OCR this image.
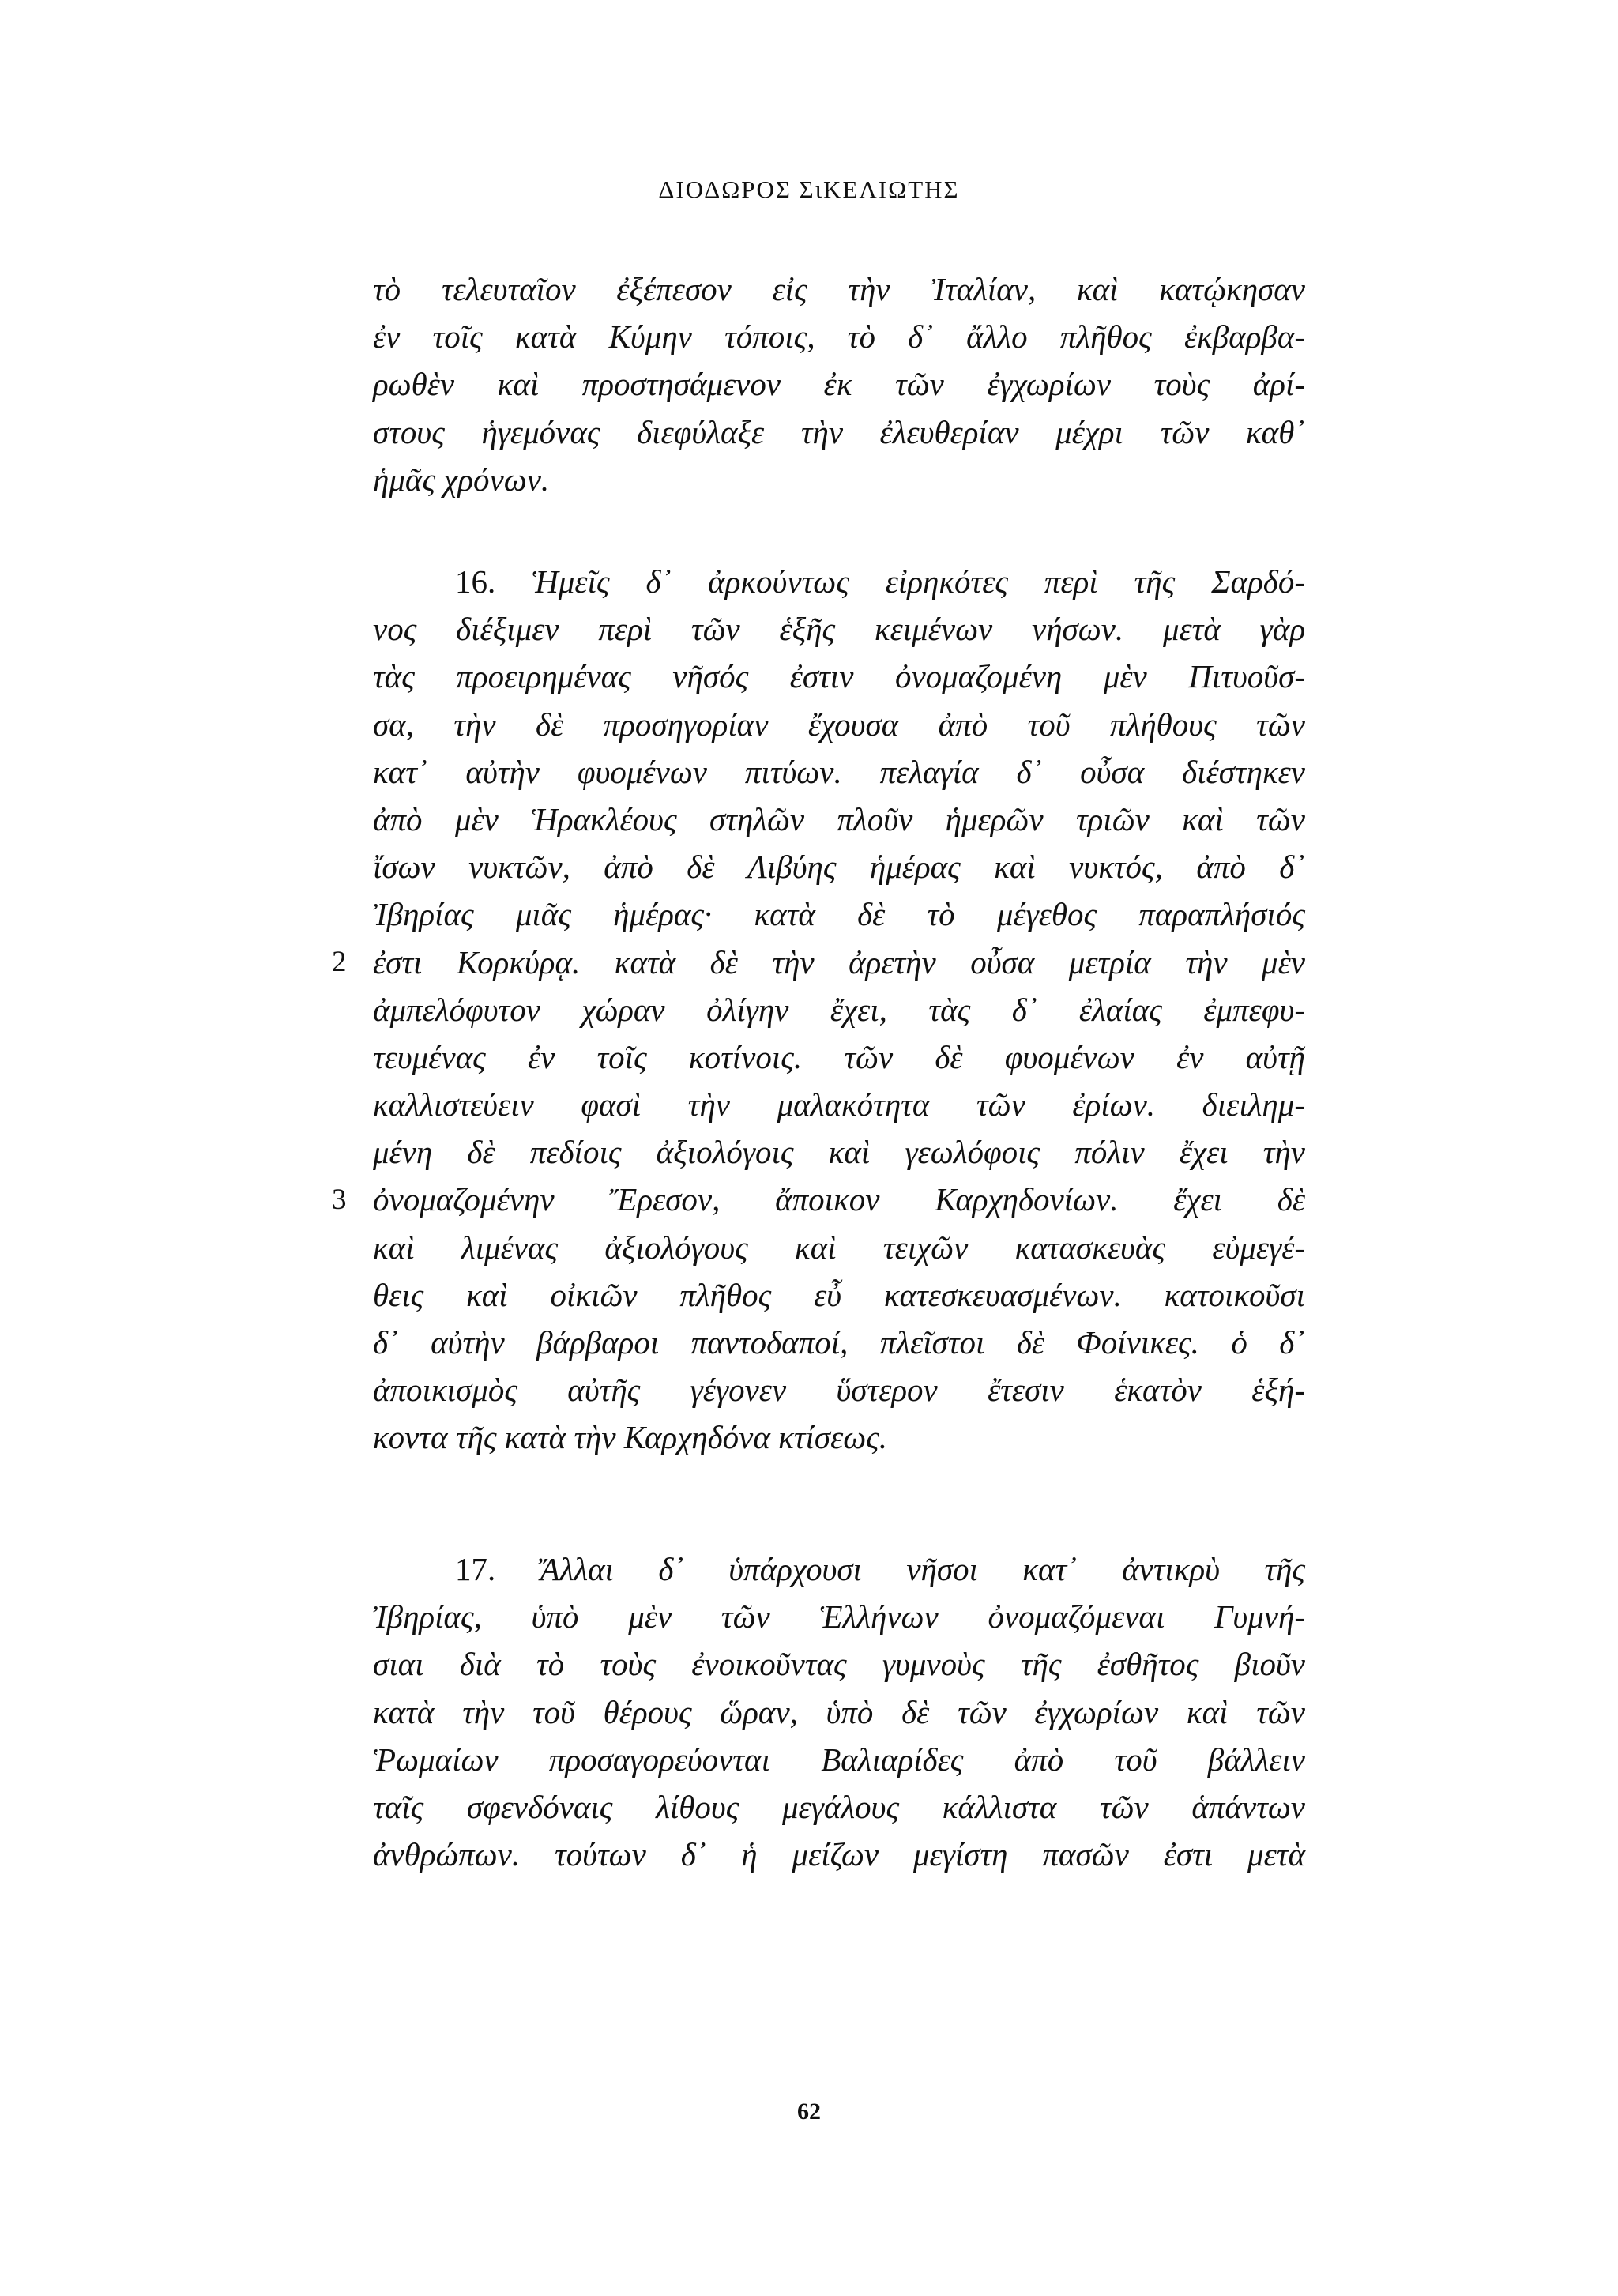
ΔΙΟΔΩΡΟΣ ΣιΚΕΛΙΩΤΗΣ
τὸ τελευταῖον ἐξέπεσον εἰς τὴν Ἰταλίαν, καὶ κατῴκησαν
ἐν τοῖς κατὰ Κύμην τόποις, τὸ δ᾿ ἄλλο πλῆθος ἐκβαρβα-
ρωθὲν καὶ προστησάμενον ἐκ τῶν ἐγχωρίων τοὺς ἀρί-
στους ἡγεμόνας διεφύλαξε τὴν ἐλευθερίαν μέχρι τῶν καθ᾿
ἡμᾶς χρόνων.
16. Ἡμεῖς δ᾿ ἀρκούντως εἰρηκότες περὶ τῆς Σαρδό-
νος διέξιμεν περὶ τῶν ἑξῆς κειμένων νήσων. μετὰ γὰρ
τὰς προειρημένας νῆσός ἐστιν ὀνομαζομένη μὲν Πιτυοῦσ-
σα, τὴν δὲ προσηγορίαν ἔχουσα ἀπὸ τοῦ πλήθους τῶν
κατ᾿ αὐτὴν φυομένων πιτύων. πελαγία δ᾿ οὖσα διέστηκεν
ἀπὸ μὲν Ἡρακλέους στηλῶν πλοῦν ἡμερῶν τριῶν καὶ τῶν
ἴσων νυκτῶν, ἀπὸ δὲ Λιβύης ἡμέρας καὶ νυκτός, ἀπὸ δ᾿
Ἰβηρίας μιᾶς ἡμέρας· κατὰ δὲ τὸ μέγεθος παραπλήσιός
ἐστι Κορκύρᾳ. κατὰ δὲ τὴν ἀρετὴν οὖσα μετρία τὴν μὲν
ἀμπελόφυτον χώραν ὀλίγην ἔχει, τὰς δ᾿ ἐλαίας ἐμπεφυ-
τευμένας ἐν τοῖς κοτίνοις. τῶν δὲ φυομένων ἐν αὐτῇ
καλλιστεύειν φασὶ τὴν μαλακότητα τῶν ἐρίων. διειλημ-
μένη δὲ πεδίοις ἀξιολόγοις καὶ γεωλόφοις πόλιν ἔχει τὴν
ὀνομαζομένην Ἔρεσον, ἄποικον Καρχηδονίων. ἔχει δὲ
καὶ λιμένας ἀξιολόγους καὶ τειχῶν κατασκευὰς εὐμεγέ-
θεις καὶ οἰκιῶν πλῆθος εὖ κατεσκευασμένων. κατοικοῦσι
δ᾿ αὐτὴν βάρβαροι παντοδαποί, πλεῖστοι δὲ Φοίνικες. ὁ δ᾿
ἀποικισμὸς αὐτῆς γέγονεν ὕστερον ἔτεσιν ἑκατὸν ἑξή-
κοντα τῆς κατὰ τὴν Καρχηδόνα κτίσεως.
2
3
17. Ἄλλαι δ᾿ ὑπάρχουσι νῆσοι κατ᾿ ἀντικρὺ τῆς
Ἰβηρίας, ὑπὸ μὲν τῶν Ἑλλήνων ὀνομαζόμεναι Γυμνή-
σιαι διὰ τὸ τοὺς ἐνοικοῦντας γυμνοὺς τῆς ἐσθῆτος βιοῦν
κατὰ τὴν τοῦ θέρους ὥραν, ὑπὸ δὲ τῶν ἐγχωρίων καὶ τῶν
Ῥωμαίων προσαγορεύονται Βαλιαρίδες ἀπὸ τοῦ βάλλειν
ταῖς σφενδόναις λίθους μεγάλους κάλλιστα τῶν ἁπάντων
ἀνθρώπων. τούτων δ᾿ ἡ μείζων μεγίστη πασῶν ἐστι μετὰ
62
